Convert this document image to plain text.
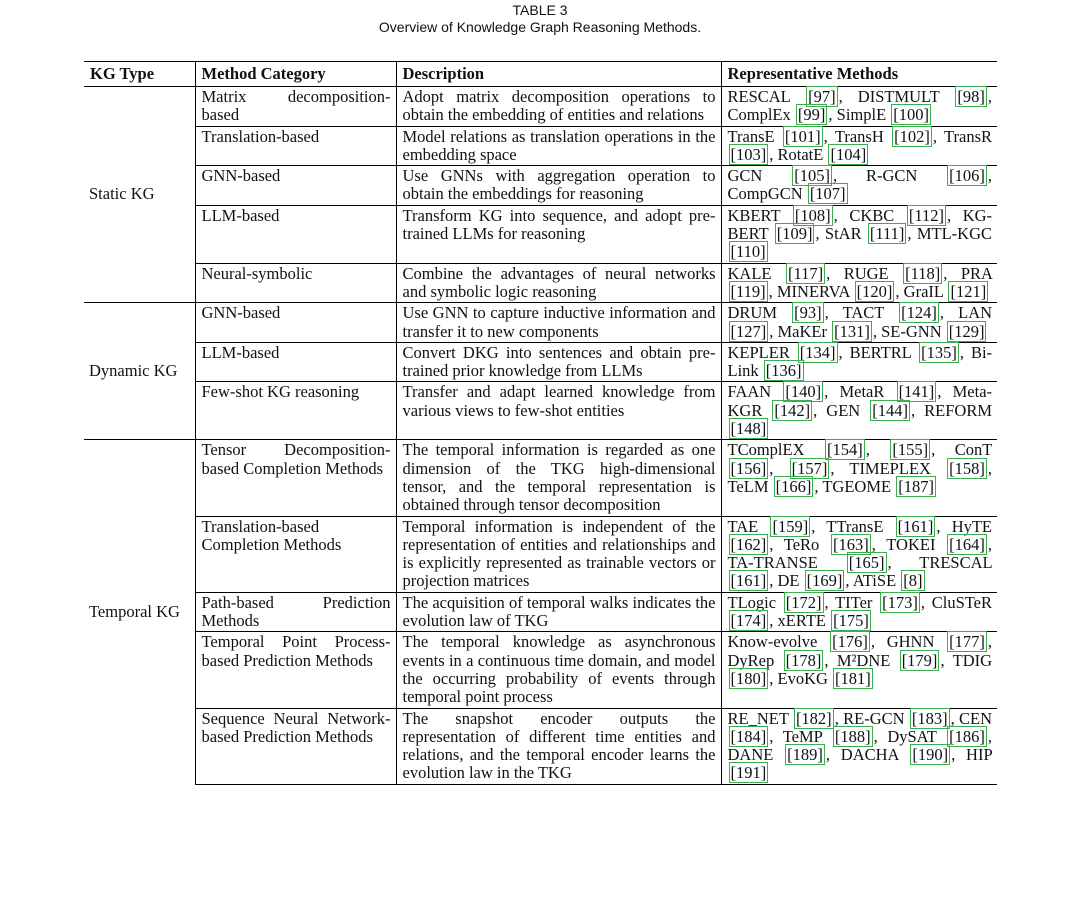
TABLE 3
Overview of Knowledge Graph Reasoning Methods.
KG Type	Method Category	Description	Representative Methods
Static KG	Matrix decomposition-based	Adopt matrix decomposition operations to obtain the embedding of entities and relations	RESCAL [97] , DISTMULT [98] , ComplEx [99] , SimplE [100]
	Translation-based	Model relations as translation operations in the embedding space	TransE [101] , TransH [102] , TransR [103] , RotatE [104]
	GNN-based	Use GNNs with aggregation operation to obtain the embeddings for reasoning	GCN [105] , R-GCN [106] , CompGCN [107]
	LLM-based	Transform KG into sequence, and adopt pre-trained LLMs for reasoning	KBERT [108] , CKBC [112] , KG-BERT [109] , StAR [111] , MTL-KGC [110]
	Neural-symbolic	Combine the advantages of neural networks and symbolic logic reasoning	KALE [117] , RUGE [118] , PRA [119] , MINERVA [120] , GraIL [121]
Dynamic KG	GNN-based	Use GNN to capture inductive information and transfer it to new components	DRUM [93] , TACT [124] , LAN [127] , MaKEr [131] , SE-GNN [129]
	LLM-based	Convert DKG into sentences and obtain pre-trained prior knowledge from LLMs	KEPLER [134] , BERTRL [135] , Bi-Link [136]
	Few-shot KG reasoning	Transfer and adapt learned knowledge from various views to few-shot entities	FAAN [140] , MetaR [141] , Meta-KGR [142] , GEN [144] , REFORM [148]
Temporal KG	Tensor Decomposition-based Completion Methods	The temporal information is regarded as one dimension of the TKG high-dimensional tensor, and the temporal representation is obtained through tensor decomposition	TComplEX [154] , [155] , ConT [156] , [157] , TIMEPLEX [158] , TeLM [166] , TGEOME [187]
	Translation-based Completion Methods	Temporal information is independent of the representation of entities and relationships and is explicitly represented as trainable vectors or projection matrices	TAE [159] , TTransE [161] , HyTE [162] , TeRo [163] , TOKEI [164] , TA-TRANSE [165] , TRESCAL [161] , DE [169] , ATiSE [8]
	Path-based Prediction Methods	The acquisition of temporal walks indicates the evolution law of TKG	TLogic [172] , TITer [173] , CluSTeR [174] , xERTE [175]
	Temporal Point Process-based Prediction Methods	The temporal knowledge as asynchronous events in a continuous time domain, and model the occurring probability of events through temporal point process	Know-evolve [176] , GHNN [177] , DyRep [178] , M²DNE [179] , TDIG [180] , EvoKG [181]
	Sequence Neural Network-based Prediction Methods	The snapshot encoder outputs the representation of different time entities and relations, and the temporal encoder learns the evolution law in the TKG	RE_NET [182] , RE-GCN [183] , CEN [184] , TeMP [188] , DySAT [186] , DANE [189] , DACHA [190] , HIP [191]
